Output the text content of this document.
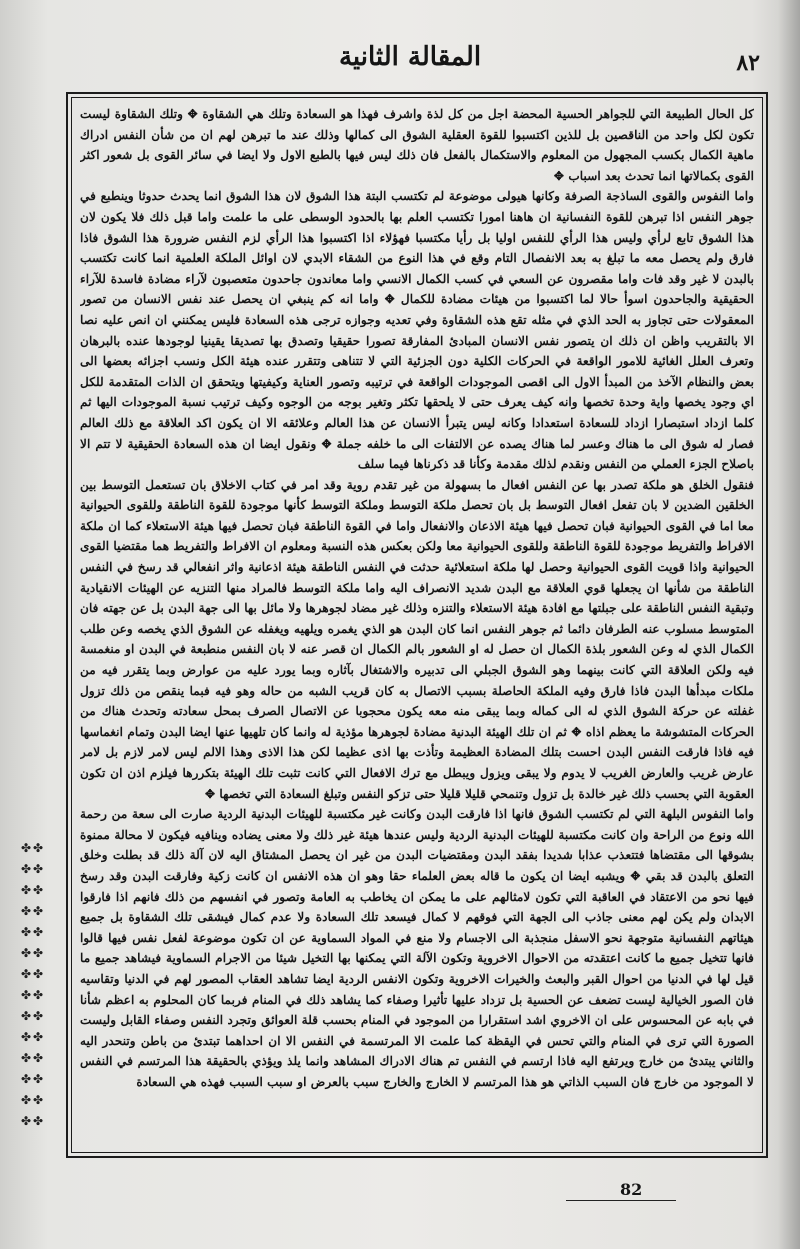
المقالة الثانية	٨٢

كل الحال الطبيعة التي للجواهر الحسية المحضة اجل من كل لذة واشرف فهذا هو السعادة وتلك هي الشقاوة ✥ وتلك الشقاوة ليست تكون لكل واحد من الناقصين بل للذين اكتسبوا للقوة العقلية الشوق الى كمالها وذلك عند ما تبرهن لهم ان من شأن النفس ادراك ماهية الكمال بكسب المجهول من المعلوم والاستكمال بالفعل فان ذلك ليس فيها بالطبع الاول ولا ايضا في سائر القوى بل شعور اكثر القوى بكمالاتها انما تحدث بعد اسباب ✥

واما النفوس والقوى الساذجة الصرفة وكانها هيولى موضوعة لم تكتسب البتة هذا الشوق لان هذا الشوق انما يحدث حدوثا وينطبع في جوهر النفس اذا تبرهن للقوة النفسانية ان هاهنا امورا تكتسب العلم بها بالحدود الوسطى على ما علمت واما قبل ذلك فلا يكون لان هذا الشوق تابع لرأي وليس هذا الرأي للنفس اوليا بل رأيا مكتسبا فهؤلاء اذا اكتسبوا هذا الرأي لزم النفس ضرورة هذا الشوق فاذا فارق ولم يحصل معه ما تبلغ به بعد الانفصال التام وقع في هذا النوع من الشقاء الابدي لان اوائل الملكة العلمية انما كانت تكتسب بالبدن لا غير وقد فات واما مقصرون عن السعي في كسب الكمال الانسي واما معاندون جاحدون متعصبون لآراء مضادة فاسدة للآراء الحقيقية والجاحدون اسوأ حالا لما اكتسبوا من هيئات مضادة للكمال ✥ واما انه كم ينبغي ان يحصل عند نفس الانسان من تصور المعقولات حتى تجاوز به الحد الذي في مثله تقع هذه الشقاوة وفي تعديه وجوازه ترجى هذه السعادة فليس يمكنني ان انص عليه نصا الا بالتقريب واظن ان ذلك ان يتصور نفس الانسان المبادئ المفارقة تصورا حقيقيا وتصدق بها تصديقا يقينيا لوجودها عنده بالبرهان وتعرف العلل الغائية للامور الواقعة في الحركات الكلية دون الجزئية التي لا تتناهى وتتقرر عنده هيئة الكل ونسب اجزائه بعضها الى بعض والنظام الآخذ من المبدأ الاول الى اقصى الموجودات الواقعة في ترتيبه وتصور العناية وكيفيتها ويتحقق ان الذات المتقدمة للكل اي وجود يخصها واية وحدة تخصها وانه كيف يعرف حتى لا يلحقها تكثر وتغير بوجه من الوجوه وكيف ترتيب نسبة الموجودات اليها ثم كلما ازداد استبصارا ازداد للسعادة استعدادا وكانه ليس يتبرأ الانسان عن هذا العالم وعلائقه الا ان يكون اكد العلاقة مع ذلك العالم فصار له شوق الى ما هناك وعسر لما هناك يصده عن الالتفات الى ما خلفه جملة ✥ ونقول ايضا ان هذه السعادة الحقيقية لا تتم الا باصلاح الجزء العملي من النفس ونقدم لذلك مقدمة وكأنا قد ذكرناها فيما سلف

فنقول الخلق هو ملكة تصدر بها عن النفس افعال ما بسهولة من غير تقدم روية وقد امر في كتاب الاخلاق بان تستعمل التوسط بين الخلقين الضدين لا بان تفعل افعال التوسط بل بان تحصل ملكة التوسط وملكة التوسط كأنها موجودة للقوة الناطقة وللقوى الحيوانية معا اما في القوى الحيوانية فبان تحصل فيها هيئة الاذعان والانفعال واما في القوة الناطقة فبان تحصل فيها هيئة الاستعلاء كما ان ملكة الافراط والتفريط موجودة للقوة الناطقة وللقوى الحيوانية معا ولكن بعكس هذه النسبة ومعلوم ان الافراط والتفريط هما مقتضيا القوى الحيوانية واذا قويت القوى الحيوانية وحصل لها ملكة استعلائية حدثت في النفس الناطقة هيئة اذعانية واثر انفعالي قد رسخ في النفس الناطقة من شأنها ان يجعلها قوي العلاقة مع البدن شديد الانصراف اليه واما ملكة التوسط فالمراد منها التنزيه عن الهيئات الانقيادية وتبقية النفس الناطقة على جبلتها مع افادة هيئة الاستعلاء والتنزه وذلك غير مضاد لجوهرها ولا مائل بها الى جهة البدن بل عن جهته فان المتوسط مسلوب عنه الطرفان دائما ثم جوهر النفس انما كان البدن هو الذي يغمره ويلهيه ويغفله عن الشوق الذي يخصه وعن طلب الكمال الذي له وعن الشعور بلذة الكمال ان حصل له او الشعور بالم الكمال ان قصر عنه لا بان النفس منطبعة في البدن او منغمسة فيه ولكن العلاقة التي كانت بينهما وهو الشوق الجبلي الى تدبيره والاشتغال بآثاره وبما يورد عليه من عوارض وبما يتقرر فيه من ملكات مبدأها البدن فاذا فارق وفيه الملكة الحاصلة بسبب الاتصال به كان قريب الشبه من حاله وهو فيه فبما ينقص من ذلك تزول غفلته عن حركة الشوق الذي له الى كماله وبما يبقى منه معه يكون محجوبا عن الاتصال الصرف بمحل سعادته وتحدث هناك من الحركات المتشوشة ما يعظم اذاه ✥ ثم ان تلك الهيئة البدنية مضادة لجوهرها مؤذية له وانما كان تلهيها عنها ايضا البدن وتمام انغماسها فيه فاذا فارقت النفس البدن احست بتلك المضادة العظيمة وتأذت بها اذى عظيما لكن هذا الاذى وهذا الالم ليس لامر لازم بل لامر عارض غريب والعارض الغريب لا يدوم ولا يبقى ويزول ويبطل مع ترك الافعال التي كانت تثبت تلك الهيئة بتكررها فيلزم اذن ان تكون العقوبة التي بحسب ذلك غير خالدة بل تزول وتنمحي قليلا قليلا حتى تزكو النفس وتبلغ السعادة التي تخصها ✥

واما النفوس البلهة التي لم تكتسب الشوق فانها اذا فارقت البدن وكانت غير مكتسبة للهيئات البدنية الردية صارت الى سعة من رحمة الله ونوع من الراحة وان كانت مكتسبة للهيئات البدنية الردية وليس عندها هيئة غير ذلك ولا معنى يضاده وينافيه فيكون لا محالة ممنوة بشوقها الى مقتضاها فتتعذب عذابا شديدا بفقد البدن ومقتضيات البدن من غير ان يحصل المشتاق اليه لان آلة ذلك قد بطلت وخلق التعلق بالبدن قد بقي ✥ ويشبه ايضا ان يكون ما قاله بعض العلماء حقا وهو ان هذه الانفس ان كانت زكية وفارقت البدن وقد رسخ فيها نحو من الاعتقاد في العاقبة التي تكون لامثالهم على ما يمكن ان يخاطب به العامة وتصور في انفسهم من ذلك فانهم اذا فارقوا الابدان ولم يكن لهم معنى جاذب الى الجهة التي فوقهم لا كمال فيسعد تلك السعادة ولا عدم كمال فيشقى تلك الشقاوة بل جميع هيئاتهم النفسانية متوجهة نحو الاسفل منجذبة الى الاجسام ولا منع في المواد السماوية عن ان تكون موضوعة لفعل نفس فيها قالوا فانها تتخيل جميع ما كانت اعتقدته من الاحوال الاخروية وتكون الآلة التي يمكنها بها التخيل شيئا من الاجرام السماوية فيشاهد جميع ما قيل لها في الدنيا من احوال القبر والبعث والخيرات الاخروية وتكون الانفس الردية ايضا تشاهد العقاب المصور لهم في الدنيا وتقاسيه فان الصور الخيالية ليست تضعف عن الحسية بل تزداد عليها تأثيرا وصفاء كما يشاهد ذلك في المنام فربما كان المحلوم به اعظم شأنا في بابه عن المحسوس على ان الاخروي اشد استقرارا من الموجود في المنام بحسب قلة العوائق وتجرد النفس وصفاء القابل وليست الصورة التي ترى في المنام والتي تحس في اليقظة كما علمت الا المرتسمة في النفس الا ان احداهما تبتدئ من باطن وتنحدر اليه والثاني يبتدئ من خارج ويرتفع اليه فاذا ارتسم في النفس تم هناك الادراك المشاهد وانما يلذ ويؤذي بالحقيقة هذا المرتسم في النفس لا الموجود من خارج فان السبب الذاتي هو هذا المرتسم لا الخارج والخارج سبب بالعرض او سبب السبب فهذه هي السعادة

✤ ✤
✤ ✤
✤ ✤
✤ ✤
✤ ✤
✤ ✤
✤ ✤
✤ ✤
✤ ✤
✤ ✤
✤ ✤
✤ ✤
✤ ✤
✤ ✤
82
